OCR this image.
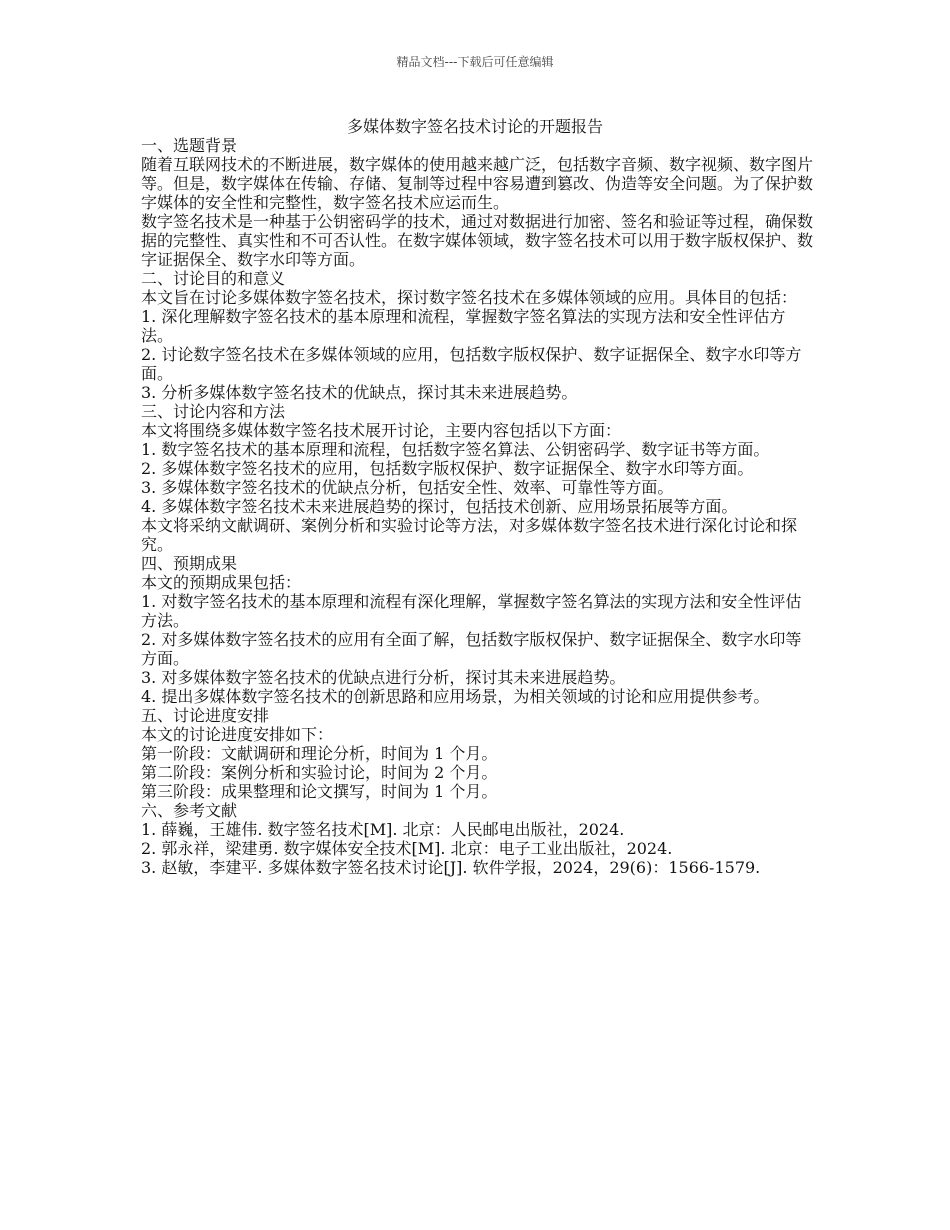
精品文档---下载后可任意编辑
多媒体数字签名技术讨论的开题报告

一、选题背景

随着互联网技术的不断进展，数字媒体的使用越来越广泛，包括数字音频、数字视频、数字图片等。但是，数字媒体在传输、存储、复制等过程中容易遭到篡改、伪造等安全问题。为了保护数字媒体的安全性和完整性，数字签名技术应运而生。

数字签名技术是一种基于公钥密码学的技术，通过对数据进行加密、签名和验证等过程，确保数据的完整性、真实性和不可否认性。在数字媒体领域，数字签名技术可以用于数字版权保护、数字证据保全、数字水印等方面。

二、讨论目的和意义

本文旨在讨论多媒体数字签名技术，探讨数字签名技术在多媒体领域的应用。具体目的包括：

1. 深化理解数字签名技术的基本原理和流程，掌握数字签名算法的实现方法和安全性评估方法。

2. 讨论数字签名技术在多媒体领域的应用，包括数字版权保护、数字证据保全、数字水印等方面。

3. 分析多媒体数字签名技术的优缺点，探讨其未来进展趋势。

三、讨论内容和方法

本文将围绕多媒体数字签名技术展开讨论，主要内容包括以下方面：

1. 数字签名技术的基本原理和流程，包括数字签名算法、公钥密码学、数字证书等方面。

2. 多媒体数字签名技术的应用，包括数字版权保护、数字证据保全、数字水印等方面。

3. 多媒体数字签名技术的优缺点分析，包括安全性、效率、可靠性等方面。

4. 多媒体数字签名技术未来进展趋势的探讨，包括技术创新、应用场景拓展等方面。

本文将采纳文献调研、案例分析和实验讨论等方法，对多媒体数字签名技术进行深化讨论和探究。

四、预期成果

本文的预期成果包括：

1. 对数字签名技术的基本原理和流程有深化理解，掌握数字签名算法的实现方法和安全性评估方法。

2. 对多媒体数字签名技术的应用有全面了解，包括数字版权保护、数字证据保全、数字水印等方面。

3. 对多媒体数字签名技术的优缺点进行分析，探讨其未来进展趋势。

4. 提出多媒体数字签名技术的创新思路和应用场景，为相关领域的讨论和应用提供参考。

五、讨论进度安排

本文的讨论进度安排如下：

第一阶段：文献调研和理论分析，时间为 1 个月。

第二阶段：案例分析和实验讨论，时间为 2 个月。

第三阶段：成果整理和论文撰写，时间为 1 个月。

六、参考文献

1. 薛巍，王雄伟. 数字签名技术[M]. 北京：人民邮电出版社，2024.

2. 郭永祥，梁建勇. 数字媒体安全技术[M]. 北京：电子工业出版社，2024.

3. 赵敏，李建平. 多媒体数字签名技术讨论[J]. 软件学报，2024，29(6)：1566-1579.
